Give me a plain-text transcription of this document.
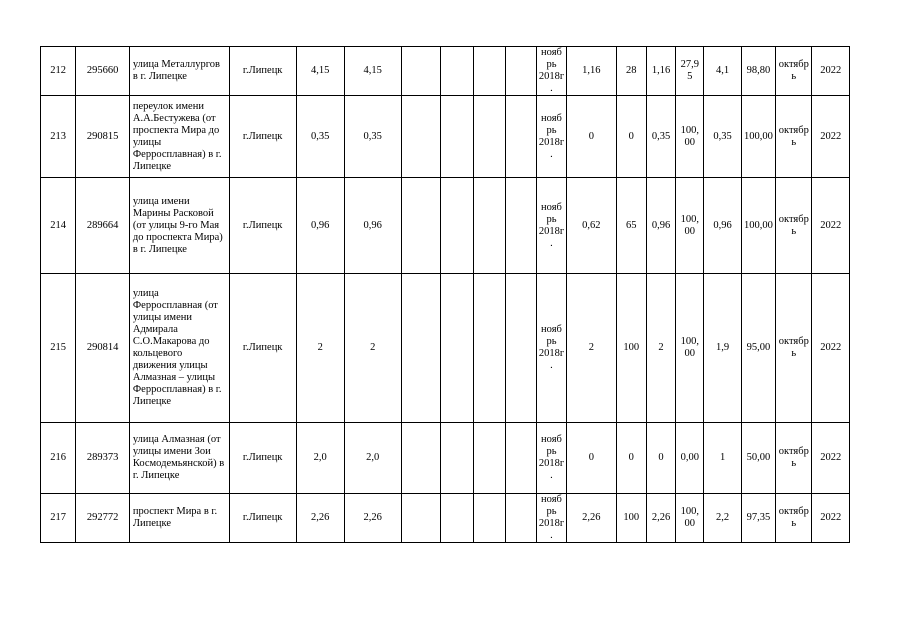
212	295660	улица Металлургов в г. Липецке	г.Липецк	4,15	4,15					ноябрь 2018г.	1,16	28	1,16	27,95	4,1	98,80	октябрь	2022
213	290815	переулок имени А.А.Бестужева (от проспекта Мира до улицы Ферросплавная) в г. Липецке	г.Липецк	0,35	0,35					ноябрь 2018г.	0	0	0,35	100,00	0,35	100,00	октябрь	2022
214	289664	улица имени Марины Расковой (от улицы 9-го Мая до проспекта Мира) в г. Липецке	г.Липецк	0,96	0,96					ноябрь 2018г.	0,62	65	0,96	100,00	0,96	100,00	октябрь	2022
215	290814	улица Ферросплавная (от улицы имени Адмирала С.О.Макарова до кольцевого движения улицы Алмазная – улицы Ферросплавная) в г. Липецке	г.Липецк	2	2					ноябрь 2018г.	2	100	2	100,00	1,9	95,00	октябрь	2022
216	289373	улица Алмазная (от улицы имени Зои Космодемьянской) в г. Липецке	г.Липецк	2,0	2,0					ноябрь 2018г.	0	0	0	0,00	1	50,00	октябрь	2022
217	292772	проспект Мира в г. Липецке	г.Липецк	2,26	2,26					ноябрь 2018г.	2,26	100	2,26	100,00	2,2	97,35	октябрь	2022
